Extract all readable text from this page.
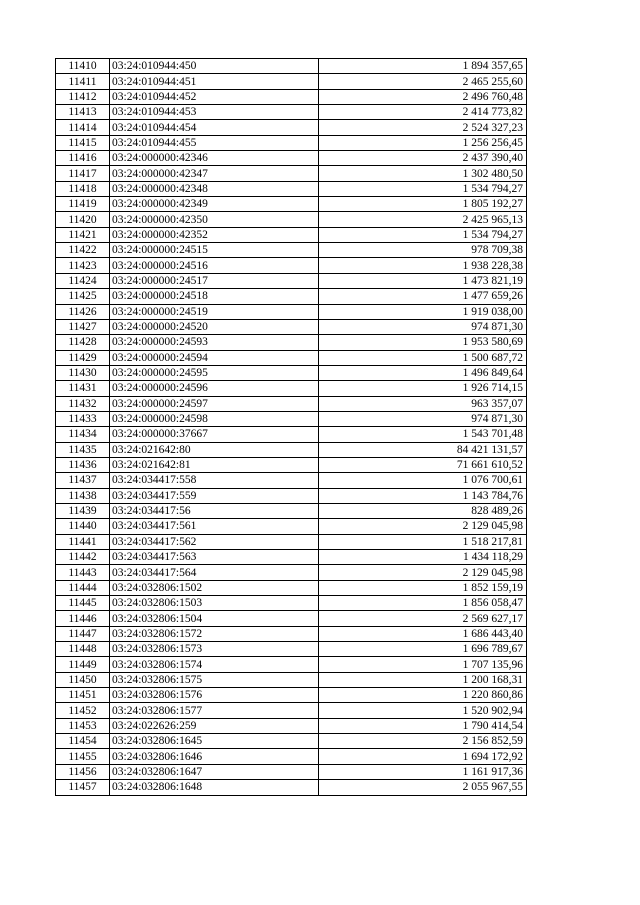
11410	03:24:010944:450	1 894 357,65
11411	03:24:010944:451	2 465 255,60
11412	03:24:010944:452	2 496 760,48
11413	03:24:010944:453	2 414 773,82
11414	03:24:010944:454	2 524 327,23
11415	03:24:010944:455	1 256 256,45
11416	03:24:000000:42346	2 437 390,40
11417	03:24:000000:42347	1 302 480,50
11418	03:24:000000:42348	1 534 794,27
11419	03:24:000000:42349	1 805 192,27
11420	03:24:000000:42350	2 425 965,13
11421	03:24:000000:42352	1 534 794,27
11422	03:24:000000:24515	978 709,38
11423	03:24:000000:24516	1 938 228,38
11424	03:24:000000:24517	1 473 821,19
11425	03:24:000000:24518	1 477 659,26
11426	03:24:000000:24519	1 919 038,00
11427	03:24:000000:24520	974 871,30
11428	03:24:000000:24593	1 953 580,69
11429	03:24:000000:24594	1 500 687,72
11430	03:24:000000:24595	1 496 849,64
11431	03:24:000000:24596	1 926 714,15
11432	03:24:000000:24597	963 357,07
11433	03:24:000000:24598	974 871,30
11434	03:24:000000:37667	1 543 701,48
11435	03:24:021642:80	84 421 131,57
11436	03:24:021642:81	71 661 610,52
11437	03:24:034417:558	1 076 700,61
11438	03:24:034417:559	1 143 784,76
11439	03:24:034417:56	828 489,26
11440	03:24:034417:561	2 129 045,98
11441	03:24:034417:562	1 518 217,81
11442	03:24:034417:563	1 434 118,29
11443	03:24:034417:564	2 129 045,98
11444	03:24:032806:1502	1 852 159,19
11445	03:24:032806:1503	1 856 058,47
11446	03:24:032806:1504	2 569 627,17
11447	03:24:032806:1572	1 686 443,40
11448	03:24:032806:1573	1 696 789,67
11449	03:24:032806:1574	1 707 135,96
11450	03:24:032806:1575	1 200 168,31
11451	03:24:032806:1576	1 220 860,86
11452	03:24:032806:1577	1 520 902,94
11453	03:24:022626:259	1 790 414,54
11454	03:24:032806:1645	2 156 852,59
11455	03:24:032806:1646	1 694 172,92
11456	03:24:032806:1647	1 161 917,36
11457	03:24:032806:1648	2 055 967,55
